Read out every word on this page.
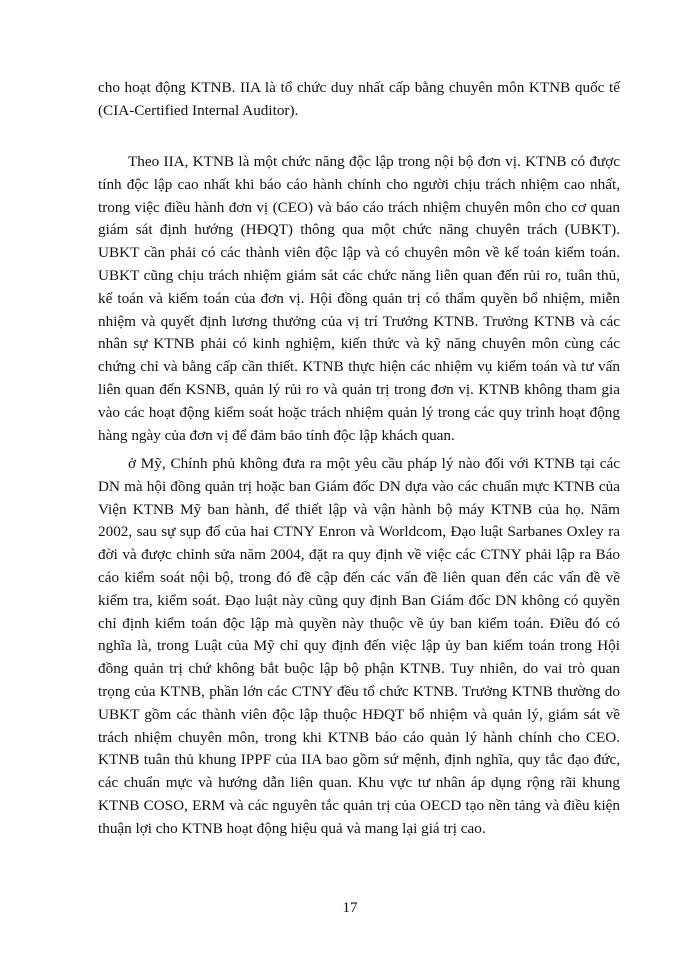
cho hoạt động KTNB. IIA là tổ chức duy nhất cấp bằng chuyên môn KTNB quốc tế (CIA-Certified Internal Auditor).

Theo IIA, KTNB là một chức năng độc lập trong nội bộ đơn vị. KTNB có được tính độc lập cao nhất khi báo cáo hành chính cho người chịu trách nhiệm cao nhất, trong việc điều hành đơn vị (CEO) và báo cáo trách nhiệm chuyên môn cho cơ quan giám sát định hướng (HĐQT) thông qua một chức năng chuyên trách (UBKT). UBKT cần phải có các thành viên độc lập và có chuyên môn về kế toán kiểm toán. UBKT cũng chịu trách nhiệm giám sát các chức năng liên quan đến rủi ro, tuân thủ, kế toán và kiểm toán của đơn vị. Hội đồng quản trị có thẩm quyền bổ nhiệm, miễn nhiệm và quyết định lương thưởng của vị trí Trưởng KTNB. Trưởng KTNB và các nhân sự KTNB phải có kinh nghiệm, kiến thức và kỹ năng chuyên môn cùng các chứng chỉ và bằng cấp cần thiết. KTNB thực hiện các nhiệm vụ kiểm toán và tư vấn liên quan đến KSNB, quản lý rủi ro và quản trị trong đơn vị. KTNB không tham gia vào các hoạt động kiểm soát hoặc trách nhiệm quản lý trong các quy trình hoạt động hàng ngày của đơn vị để đảm bảo tính độc lập khách quan.

ở Mỹ, Chính phủ không đưa ra một yêu cầu pháp lý nào đối với KTNB tại các DN mà hội đồng quản trị hoặc ban Giám đốc DN dựa vào các chuẩn mực KTNB của Viện KTNB Mỹ ban hành, để thiết lập và vận hành bộ máy KTNB của họ. Năm 2002, sau sự sụp đổ của hai CTNY Enron và Worldcom, Đạo luật Sarbanes Oxley ra đời và được chỉnh sửa năm 2004, đặt ra quy định về việc các CTNY phải lập ra Báo cáo kiểm soát nội bộ, trong đó đề cập đến các vấn đề liên quan đến các vấn đề về kiểm tra, kiểm soát. Đạo luật này cũng quy định Ban Giám đốc DN không có quyền chỉ định kiểm toán độc lập mà quyền này thuộc về ủy ban kiểm toán. Điều đó có nghĩa là, trong Luật của Mỹ chỉ quy định đến việc lập ủy ban kiểm toán trong Hội đồng quản trị chứ không bắt buộc lập bộ phận KTNB. Tuy nhiên, do vai trò quan trọng của KTNB, phần lớn các CTNY đều tổ chức KTNB. Trưởng KTNB thường do UBKT gồm các thành viên độc lập thuộc HĐQT bổ nhiệm và quản lý, giám sát về trách nhiệm chuyên môn, trong khi KTNB báo cáo quản lý hành chính cho CEO. KTNB tuân thủ khung IPPF của IIA bao gồm sứ mệnh, định nghĩa, quy tắc đạo đức, các chuẩn mực và hướng dẫn liên quan. Khu vực tư nhân áp dụng rộng rãi khung KTNB COSO, ERM và các nguyên tắc quản trị của OECD tạo nền tảng và điều kiện thuận lợi cho KTNB hoạt động hiệu quả và mang lại giá trị cao.

17
